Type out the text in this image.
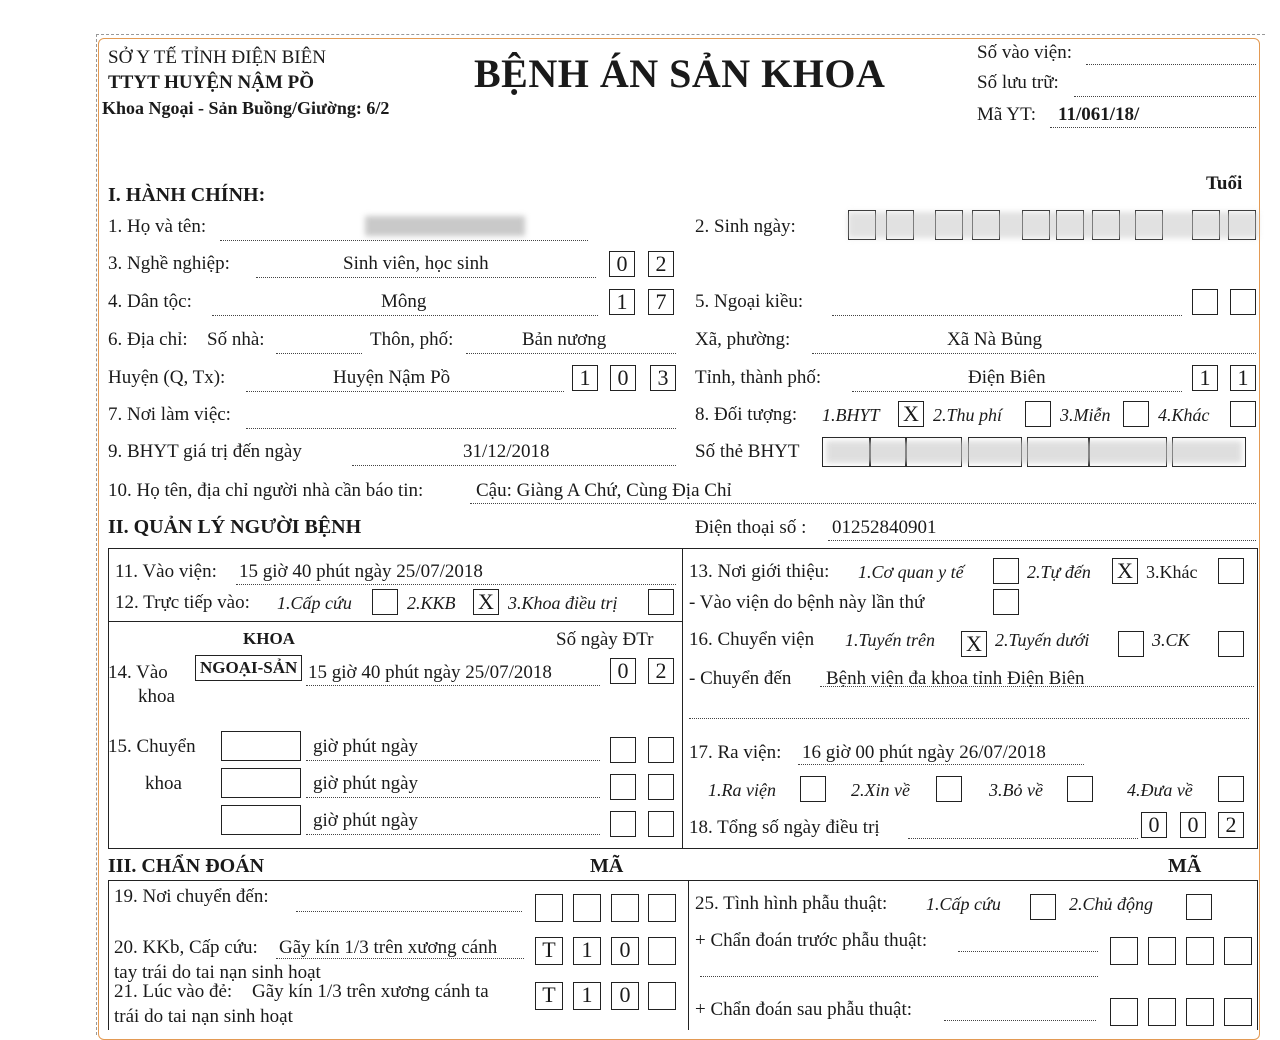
SỞ Y TẾ TỈNH ĐIỆN BIÊN
TTYT HUYỆN NẬM PỒ
Khoa Ngoại - Sản Buồng/Giường: 6/2
BỆNH ÁN SẢN KHOA	Số vào viện:
Số lưu trữ:
Mã YT: 11/061/18/
I. HÀNH CHÍNH:
Tuổi
1. Họ và tên:	2. Sinh ngày:
3. Nghề nghiệp:	Sinh viên, học sinh	0	2
4. Dân tộc:	Mông	1	7	5. Ngoại kiều:
6. Địa chỉ: Số nhà:	Thôn, phố:	Bản nương	Xã, phường:	Xã Nà Bủng
Huyện (Q, Tx):	Huyện Nậm Pồ	1	0	3	Tỉnh, thành phố:	Điện Biên	1	1
7. Nơi làm việc:	8. Đối tượng: 1.BHYT X 2.Thu phí	3.Miễn	4.Khác
9. BHYT giá trị đến ngày	31/12/2018	Số thẻ BHYT
10. Họ tên, địa chỉ người nhà cần báo tin:	Cậu: Giàng A Chứ, Cùng Địa Chỉ
II. QUẢN LÝ NGƯỜI BỆNH	Điện thoại số : 01252840901
11. Vào viện: 15 giờ 40 phút ngày 25/07/2018
12. Trực tiếp vào: 1.Cấp cứu	2.KKB X 3.Khoa điều trị
13. Nơi giới thiệu: 1.Cơ quan y tế	2.Tự đến X 3.Khác
- Vào viện do bệnh này lần thứ
KHOA	Số ngày ĐTr
14. Vào
khoa
NGOẠI-SẢN 15 giờ 40 phút ngày 25/07/2018	0	2
15. Chuyển
khoa
giờ phút ngày
giờ phút ngày
giờ phút ngày
16. Chuyển viện 1.Tuyến trên X 2.Tuyến dưới	3.CK
- Chuyển đến Bệnh viện đa khoa tỉnh Điện Biên
17. Ra viện: 16 giờ 00 phút ngày 26/07/2018
1.Ra viện	2.Xin về	3.Bỏ về	4.Đưa về
18. Tổng số ngày điều trị	0	0	2
III. CHẨN ĐOÁN	MÃ	MÃ
19. Nơi chuyển đến:
20. KKb, Cấp cứu: Gãy kín 1/3 trên xương cánh
tay trái do tai nạn sinh hoạt
T	1	0
21. Lúc vào đẻ: Gãy kín 1/3 trên xương cánh ta
trái do tai nạn sinh hoạt
T	1	0
25. Tình hình phẫu thuật: 1.Cấp cứu	2.Chủ động
+ Chẩn đoán trước phẫu thuật:
+ Chẩn đoán sau phẫu thuật:
